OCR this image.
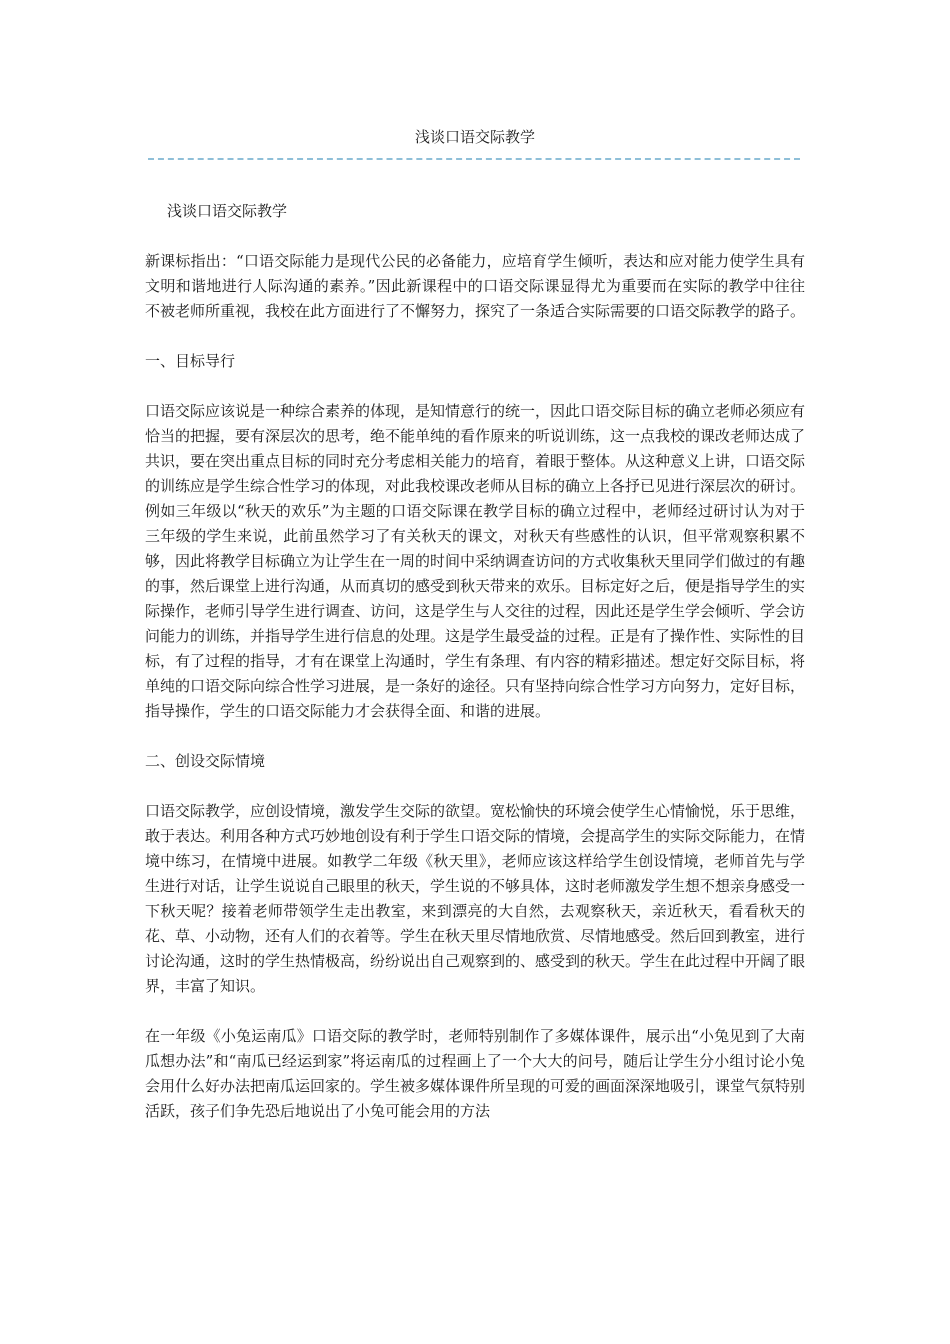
浅谈口语交际教学

浅谈口语交际教学

新课标指出：“口语交际能力是现代公民的必备能力，应培育学生倾听，表达和应对能力使学生具有文明和谐地进行人际沟通的素养。”因此新课程中的口语交际课显得尤为重要而在实际的教学中往往不被老师所重视，我校在此方面进行了不懈努力，探究了一条适合实际需要的口语交际教学的路子。

一、目标导行

口语交际应该说是一种综合素养的体现，是知情意行的统一，因此口语交际目标的确立老师必须应有恰当的把握，要有深层次的思考，绝不能单纯的看作原来的听说训练，这一点我校的课改老师达成了共识，要在突出重点目标的同时充分考虑相关能力的培育，着眼于整体。从这种意义上讲，口语交际的训练应是学生综合性学习的体现，对此我校课改老师从目标的确立上各抒已见进行深层次的研讨。例如三年级以“秋天的欢乐”为主题的口语交际课在教学目标的确立过程中，老师经过研讨认为对于三年级的学生来说，此前虽然学习了有关秋天的课文，对秋天有些感性的认识，但平常观察积累不够，因此将教学目标确立为让学生在一周的时间中采纳调查访问的方式收集秋天里同学们做过的有趣的事，然后课堂上进行沟通，从而真切的感受到秋天带来的欢乐。目标定好之后，便是指导学生的实际操作，老师引导学生进行调查、访问，这是学生与人交往的过程，因此还是学生学会倾听、学会访问能力的训练，并指导学生进行信息的处理。这是学生最受益的过程。正是有了操作性、实际性的目标，有了过程的指导，才有在课堂上沟通时，学生有条理、有内容的精彩描述。想定好交际目标，将单纯的口语交际向综合性学习进展，是一条好的途径。只有坚持向综合性学习方向努力，定好目标，指导操作，学生的口语交际能力才会获得全面、和谐的进展。

二、创设交际情境

口语交际教学，应创设情境，激发学生交际的欲望。宽松愉快的环境会使学生心情愉悦，乐于思维，敢于表达。利用各种方式巧妙地创设有利于学生口语交际的情境，会提高学生的实际交际能力，在情境中练习，在情境中进展。如教学二年级《秋天里》，老师应该这样给学生创设情境，老师首先与学生进行对话，让学生说说自己眼里的秋天，学生说的不够具体，这时老师激发学生想不想亲身感受一下秋天呢？接着老师带领学生走出教室，来到漂亮的大自然，去观察秋天，亲近秋天，看看秋天的花、草、小动物，还有人们的衣着等。学生在秋天里尽情地欣赏、尽情地感受。然后回到教室，进行讨论沟通，这时的学生热情极高，纷纷说出自己观察到的、感受到的秋天。学生在此过程中开阔了眼界，丰富了知识。

在一年级《小兔运南瓜》口语交际的教学时，老师特别制作了多媒体课件，展示出“小兔见到了大南瓜想办法”和“南瓜已经运到家”将运南瓜的过程画上了一个大大的问号，随后让学生分小组讨论小兔会用什么好办法把南瓜运回家的。学生被多媒体课件所呈现的可爱的画面深深地吸引，课堂气氛特别活跃，孩子们争先恐后地说出了小兔可能会用的方法
